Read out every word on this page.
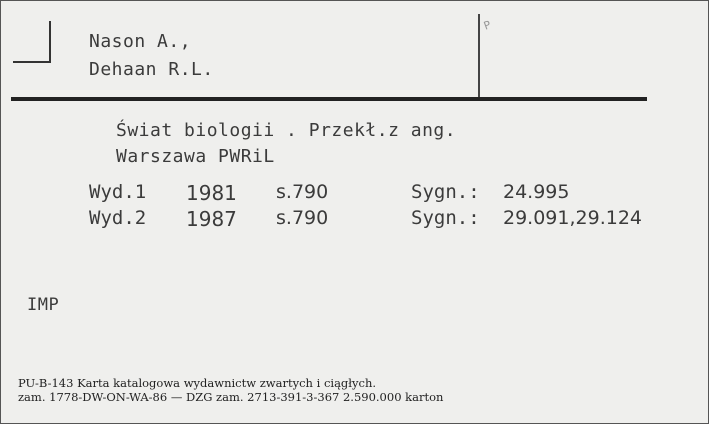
P
Nason A.,
Dehaan R.L.
Świat biologii . Przekł.z ang.
Warszawa PWRiL
Wyd.1 1981 s.790	Sygn.: 24.995
Wyd.2 1987 s.790	Sygn.: 29.091,29.124
IMP
PU-B-143 Karta katalogowa wydawnictw zwartych i ciągłych.
zam. 1778-DW-ON-WA-86 — DZG zam. 2713-391-3-367 2.590.000 karton
